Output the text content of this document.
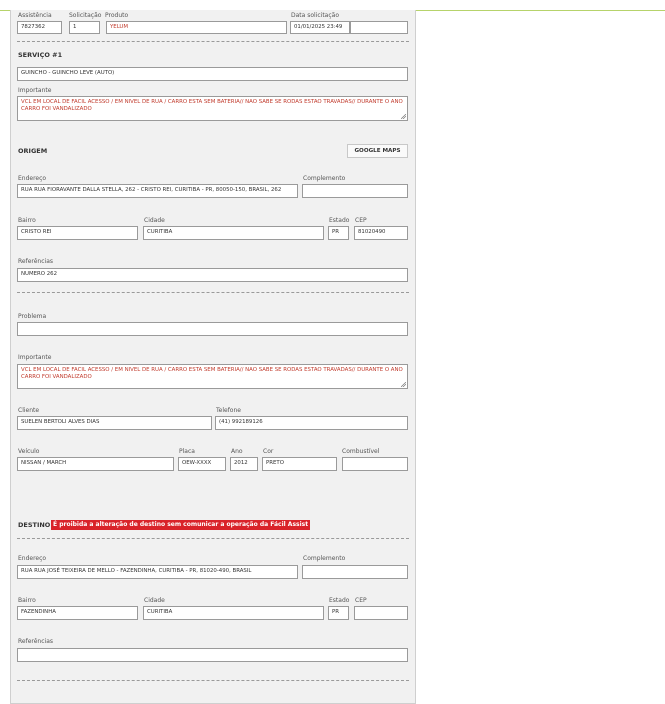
Assistência
7827362
Solicitação
1
Produto
YELUM
Data solicitação
01/01/2025 23:49
SERVIÇO #1
GUINCHO - GUINCHO LEVE (AUTO)
Importante
VCL EM LOCAL DE FACIL ACESSO / EM NIVEL DE RUA / CARRO ESTA SEM BATERIA// NAO SABE SE RODAS ESTAO TRAVADAS// DURANTE O ANO CARRO FOI VANDALIZADO
ORIGEM	GOOGLE MAPS
Endereço
RUA RUA FIORAVANTE DALLA STELLA, 262 - CRISTO REI, CURITIBA - PR, 80050-150, BRASIL, 262
Complemento
Bairro
CRISTO REI
Cidade
CURITIBA
Estado
PR
CEP
81020490
Referências
NUMERO 262
Problema
Importante
VCL EM LOCAL DE FACIL ACESSO / EM NIVEL DE RUA / CARRO ESTA SEM BATERIA// NAO SABE SE RODAS ESTAO TRAVADAS// DURANTE O ANO CARRO FOI VANDALIZADO
Cliente
SUELEN BERTOLI ALVES DIAS
Telefone
(41) 992189126
Veículo
NISSAN / MARCH
Placa
OEW-XXXX
Ano
2012
Cor
PRETO
Combustível
DESTINO É proibida a alteração de destino sem comunicar a operação da Fácil Assist
Endereço
RUA RUA JOSÉ TEIXEIRA DE MELLO - FAZENDINHA, CURITIBA - PR, 81020-490, BRASIL
Complemento
Bairro
FAZENDINHA
Cidade
CURITIBA
Estado
PR
CEP
Referências
